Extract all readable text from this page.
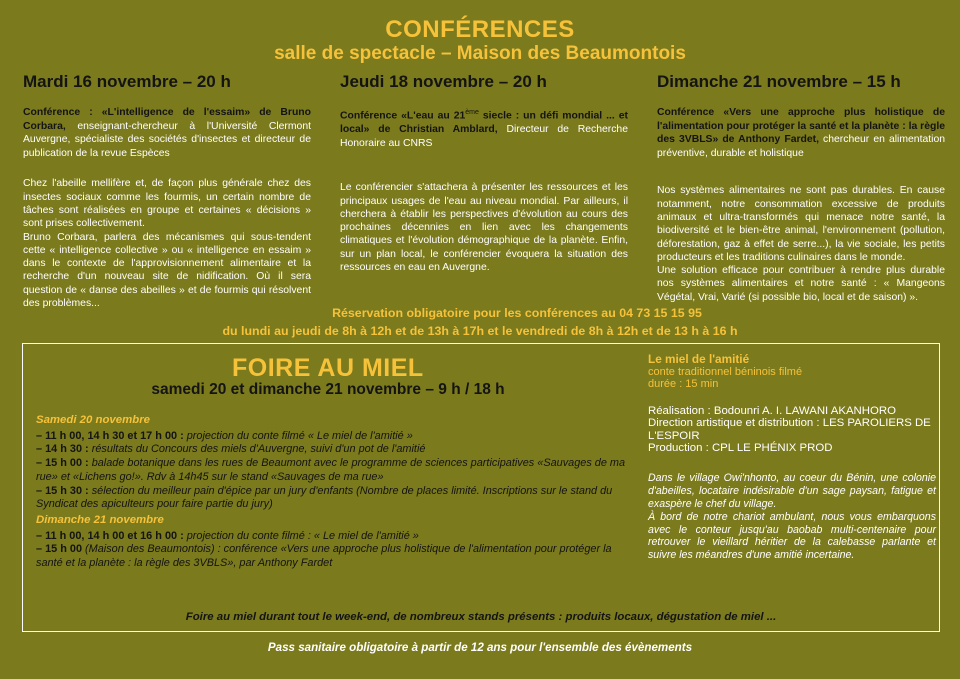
CONFÉRENCES
salle de spectacle – Maison des Beaumontois
Mardi 16 novembre – 20 h
Conférence : «L'intelligence de l'essaim» de Bruno Corbara, enseignant-chercheur à l'Université Clermont Auvergne, spécialiste des sociétés d'insectes et directeur de publication de la revue Espèces

Chez l'abeille mellifère et, de façon plus générale chez des insectes sociaux comme les fourmis, un certain nombre de tâches sont réalisées en groupe et certaines « décisions » sont prises collectivement.

Bruno Corbara, parlera des mécanismes qui sous-tendent cette « intelligence collective » ou « intelligence en essaim » dans le contexte de l'approvisionnement alimentaire et la recherche d'un nouveau site de nidification. Où il sera question de « danse des abeilles » et de fourmis qui résolvent des problèmes...

Jeudi 18 novembre – 20 h
Conférence «L'eau au 21ème siecle : un défi mondial ... et local» de Christian Amblard, Directeur de Recherche Honoraire au CNRS

Le conférencier s'attachera à présenter les ressources et les principaux usages de l'eau au niveau mondial. Par ailleurs, il cherchera à établir les perspectives d'évolution au cours des prochaines décennies en lien avec les changements climatiques et l'évolution démographique de la planète. Enfin, sur un plan local, le conférencier évoquera la situation des ressources en eau en Auvergne.

Dimanche 21 novembre – 15 h
Conférence «Vers une approche plus holistique de l'alimentation pour protéger la santé et la planète : la règle des 3VBLS» de Anthony Fardet, chercheur en alimentation préventive, durable et holistique

Nos systèmes alimentaires ne sont pas durables. En cause notamment, notre consommation excessive de produits animaux et ultra-transformés qui menace notre santé, la biodiversité et le bien-être animal, l'environnement (pollution, déforestation, gaz à effet de serre...), la vie sociale, les petits producteurs et les traditions culinaires dans le monde.

Une solution efficace pour contribuer à rendre plus durable nos systèmes alimentaires et notre santé : « Mangeons Végétal, Vrai, Varié (si possible bio, local et de saison) ».

Réservation obligatoire pour les conférences au 04 73 15 15 95
du lundi au jeudi de 8h à 12h et de 13h à 17h et le vendredi de 8h à 12h et de 13 h à 16 h
FOIRE AU MIEL
samedi 20 et dimanche 21 novembre – 9 h / 18 h
Samedi 20 novembre

– 11 h 00, 14 h 30 et 17 h 00 : projection du conte filmé « Le miel de l'amitié »

– 14 h 30 : résultats du Concours des miels d'Auvergne, suivi d'un pot de l'amitié

– 15 h 00 : balade botanique dans les rues de Beaumont avec le programme de sciences participatives «Sauvages de ma rue» et «Lichens go!». Rdv à 14h45 sur le stand «Sauvages de ma rue»

– 15 h 30 : sélection du meilleur pain d'épice par un jury d'enfants (Nombre de places limité. Inscriptions sur le stand du Syndicat des apiculteurs pour faire partie du jury)

Dimanche 21 novembre

– 11 h 00, 14 h 00 et 16 h 00 : projection du conte filmé : « Le miel de l'amitié »

– 15 h 00 (Maison des Beaumontois) : conférence «Vers une approche plus holistique de l'alimentation pour protéger la santé et la planète : la règle des 3VBLS», par Anthony Fardet

Le miel de l'amitié
conte traditionnel béninois filmé
durée : 15 min
Réalisation : Bodounri A. I. LAWANI AKANHORO
Direction artistique et distribution : LES PAROLIERS DE L'ESPOIR
Production : CPL LE PHÉNIX PROD

Dans le village Owi'nhonto, au coeur du Bénin, une colonie d'abeilles, locataire indésirable d'un sage paysan, fatigue et exaspère le chef du village.

À bord de notre chariot ambulant, nous vous embarquons avec le conteur jusqu'au baobab multi-centenaire pour retrouver le vieillard héritier de la calebasse parlante et suivre les méandres d'une amitié incertaine.

Foire au miel durant tout le week-end, de nombreux stands présents : produits locaux, dégustation de miel ...
Pass sanitaire obligatoire à partir de 12 ans pour l'ensemble des évènements
